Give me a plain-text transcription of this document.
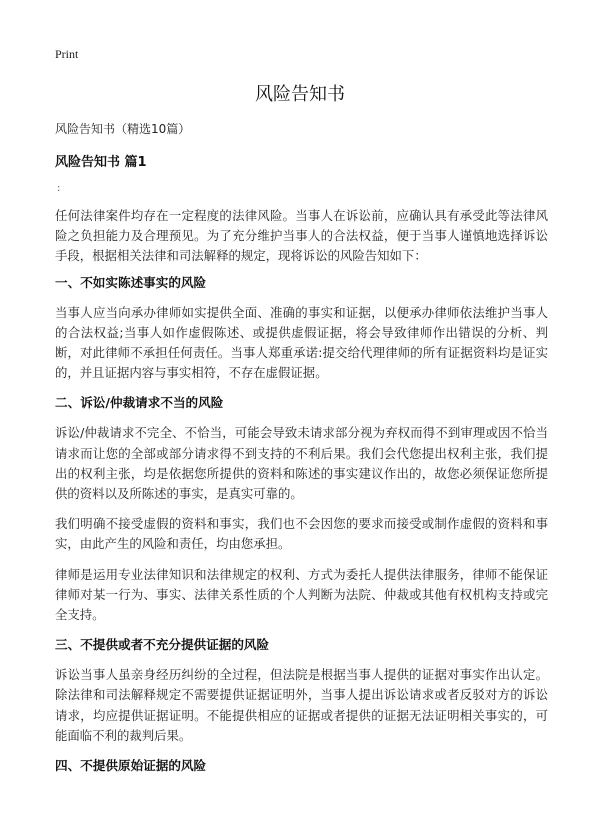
Print
风险告知书
风险告知书（精选10篇）
风险告知书 篇1
:

任何法律案件均存在一定程度的法律风险。当事人在诉讼前，应确认具有承受此等法律风险之负担能力及合理预见。为了充分维护当事人的合法权益，便于当事人谨慎地选择诉讼手段，根据相关法律和司法解释的规定，现将诉讼的风险告知如下：

一、不如实陈述事实的风险

当事人应当向承办律师如实提供全面、准确的事实和证据，以便承办律师依法维护当事人的合法权益;当事人如作虚假陈述、或提供虚假证据，将会导致律师作出错误的分析、判断，对此律师不承担任何责任。当事人郑重承诺:提交给代理律师的所有证据资料均是证实的，并且证据内容与事实相符，不存在虚假证据。

二、诉讼/仲裁请求不当的风险

诉讼/仲裁请求不完全、不恰当，可能会导致未请求部分视为弃权而得不到审理或因不恰当请求而让您的全部或部分请求得不到支持的不利后果。我们会代您提出权利主张，我们提出的权利主张，均是依据您所提供的资料和陈述的事实建议作出的，故您必须保证您所提供的资料以及所陈述的事实，是真实可靠的。

我们明确不接受虚假的资料和事实，我们也不会因您的要求而接受或制作虚假的资料和事实，由此产生的风险和责任，均由您承担。

律师是运用专业法律知识和法律规定的权利、方式为委托人提供法律服务，律师不能保证律师对某一行为、事实、法律关系性质的个人判断为法院、仲裁或其他有权机构支持或完全支持。

三、不提供或者不充分提供证据的风险

诉讼当事人虽亲身经历纠纷的全过程，但法院是根据当事人提供的证据对事实作出认定。除法律和司法解释规定不需要提供证据证明外，当事人提出诉讼请求或者反驳对方的诉讼请求，均应提供证据证明。不能提供相应的证据或者提供的证据无法证明相关事实的，可能面临不利的裁判后果。

四、不提供原始证据的风险
